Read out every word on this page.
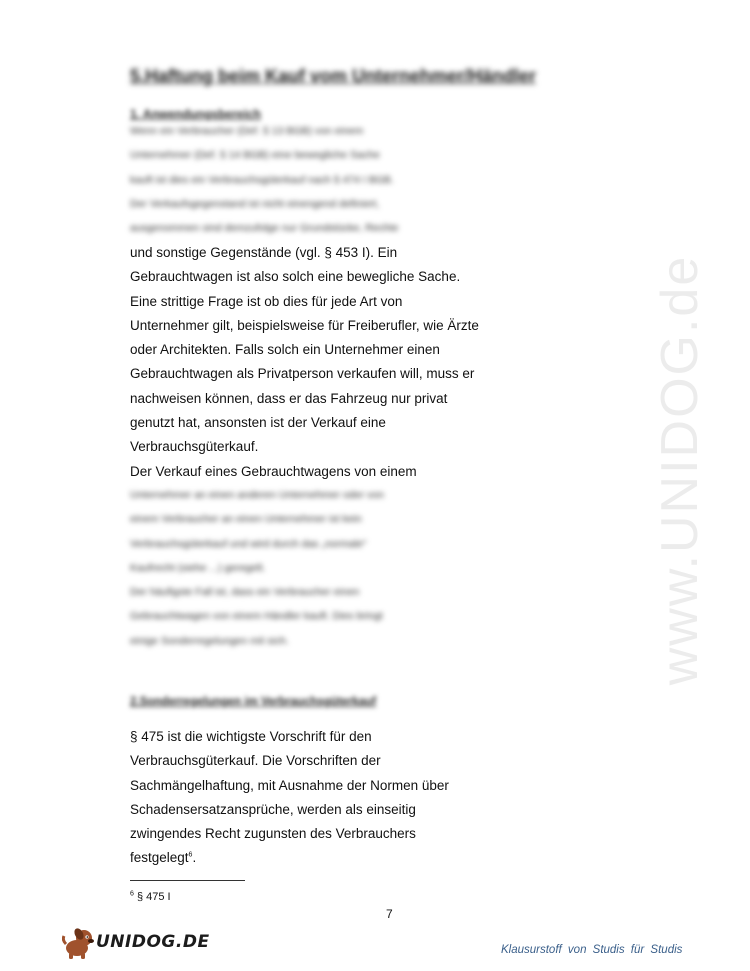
www.UNIDOG.de
5.Haftung beim Kauf vom Unternehmer/Händler
1. Anwendungsbereich
Wenn ein Verbraucher (Def. § 13 BGB) von einem
Unternehmer (Def. § 14 BGB) eine bewegliche Sache
kauft ist dies ein Verbrauchsgüterkauf nach § 474 I BGB.
Der Verkaufsgegenstand ist nicht einengend definiert,
ausgenommen sind demzufolge nur Grundstücke, Rechte
und sonstige Gegenstände (vgl. § 453 I). Ein
Gebrauchtwagen ist also solch eine bewegliche Sache.
Eine strittige Frage ist ob dies für jede Art von
Unternehmer gilt, beispielsweise für Freiberufler, wie Ärzte
oder Architekten. Falls solch ein Unternehmer einen
Gebrauchtwagen als Privatperson verkaufen will, muss er
nachweisen können, dass er das Fahrzeug nur privat
genutzt hat, ansonsten ist der Verkauf eine
Verbrauchsgüterkauf.
Der Verkauf eines Gebrauchtwagens von einem
Unternehmer an einen anderen Unternehmer oder von
einem Verbraucher an einen Unternehmer ist kein
Verbrauchsgüterkauf und wird durch das „normale“
Kaufrecht (siehe ...) geregelt.
Der häufigste Fall ist, dass ein Verbraucher einen
Gebrauchtwagen von einem Händler kauft. Dies bringt
einige Sonderregelungen mit sich.
2.Sonderregelungen im Verbrauchsgüterkauf
§ 475 ist die wichtigste Vorschrift für den
Verbrauchsgüterkauf. Die Vorschriften der
Sachmängelhaftung, mit Ausnahme der Normen über
Schadensersatzansprüche, werden als einseitig
zwingendes Recht zugunsten des Verbrauchers
festgelegt$^6$.
$^6$ § 475 I
7
UNIDOG.DE	Klausurstoff von Studis für Studis
